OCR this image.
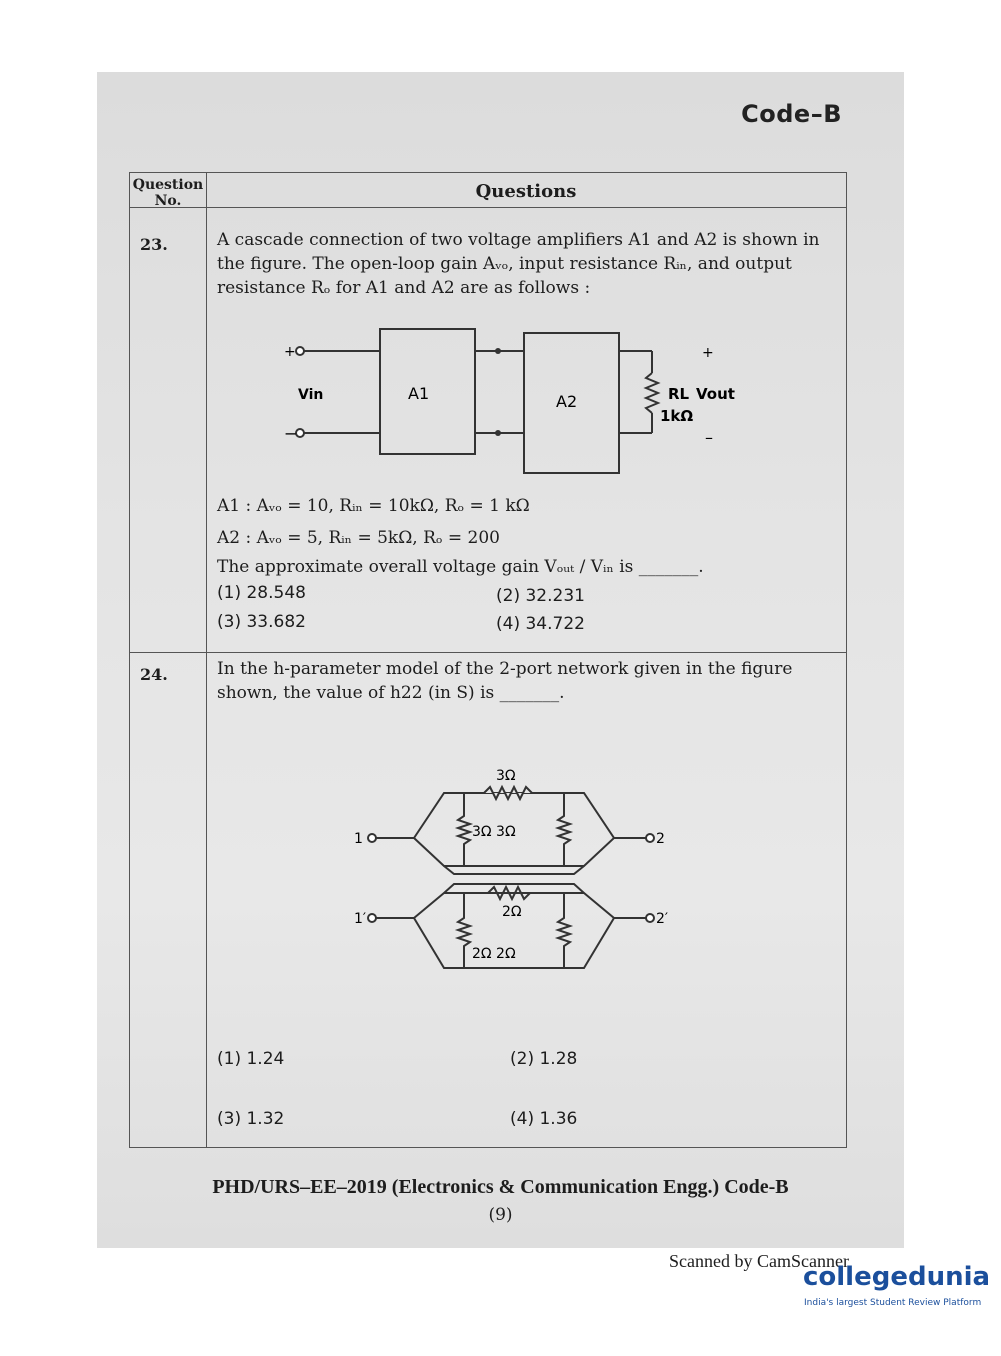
Code–B
Question
No.	Questions
23.	A cascade connection of two voltage amplifiers A1 and A2 is shown in the figure. The open-loop gain Aᵥₒ, input resistance Rᵢₙ, and output resistance Rₒ for A1 and A2 are as follows :
+
−
Vin	A1	A2
+
RL Vout
1kΩ
–
A1 : Aᵥₒ = 10, Rᵢₙ = 10kΩ, Rₒ = 1 kΩ
A2 : Aᵥₒ = 5, Rᵢₙ = 5kΩ, Rₒ = 200
The approximate overall voltage gain Vₒᵤₜ / Vᵢₙ is _______.
(1) 28.548	(2) 32.231
(3) 33.682	(4) 34.722
24.	In the h-parameter model of the 2-port network given in the figure shown, the value of h22 (in S) is _______.
1
1′
3Ω
3Ω 3Ω
2Ω
2Ω 2Ω
2
2′
(1) 1.24	(2) 1.28
(3) 1.32	(4) 1.36
PHD/URS–EE–2019 (Electronics & Communication Engg.) Code-B
(9)
Scanned by CamScanner
collegedunia
India's largest Student Review Platform
